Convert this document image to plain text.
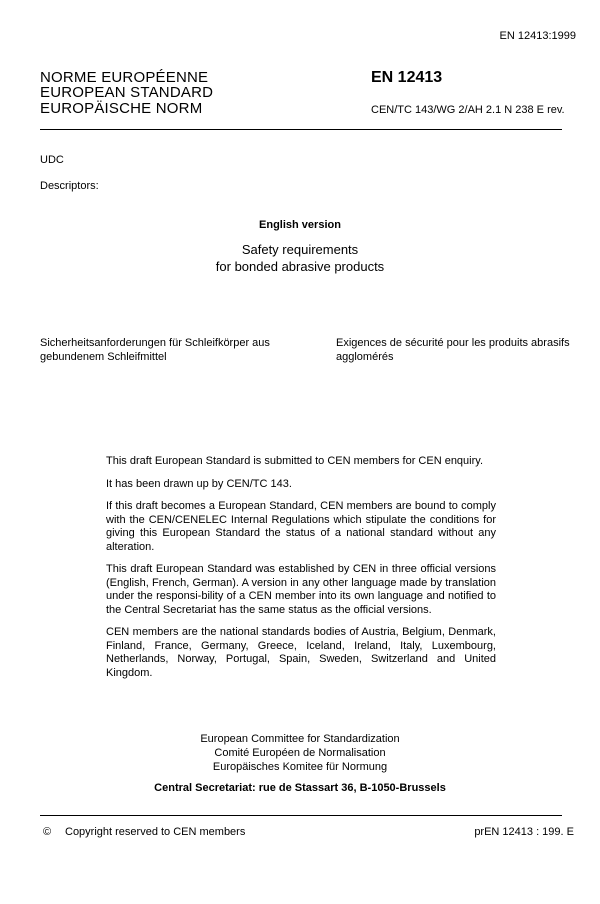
EN 12413:1999
NORME EUROPÉENNE
EUROPEAN STANDARD
EUROPÄISCHE NORM
EN 12413
CEN/TC 143/WG 2/AH 2.1 N 238 E rev.
UDC
Descriptors:
English version
Safety requirements
for bonded abrasive products
Sicherheitsanforderungen für Schleifkörper aus gebundenem Schleifmittel
Exigences de sécurité pour les produits abrasifs agglomérés

This draft European Standard is submitted to CEN members for CEN enquiry.

It has been drawn up by CEN/TC 143.

If this draft becomes a European Standard, CEN members are bound to comply with the CEN/CENELEC Internal Regulations which stipulate the conditions for giving this European Standard the status of a national standard without any alteration.

This draft European Standard was established by CEN in three official versions (English, French, German). A version in any other language made by translation under the responsi-bility of a CEN member into its own language and notified to the Central Secretariat has the same status as the official versions.

CEN members are the national standards bodies of Austria, Belgium, Denmark, Finland, France, Germany, Greece, Iceland, Ireland, Italy, Luxembourg, Netherlands, Norway, Portugal, Spain, Sweden, Switzerland and United Kingdom.

European Committee for Standardization
Comité Européen de Normalisation
Europäisches Komitee für Normung
Central Secretariat: rue de Stassart 36, B-1050-Brussels
© Copyright reserved to CEN members	prEN 12413 : 199. E
